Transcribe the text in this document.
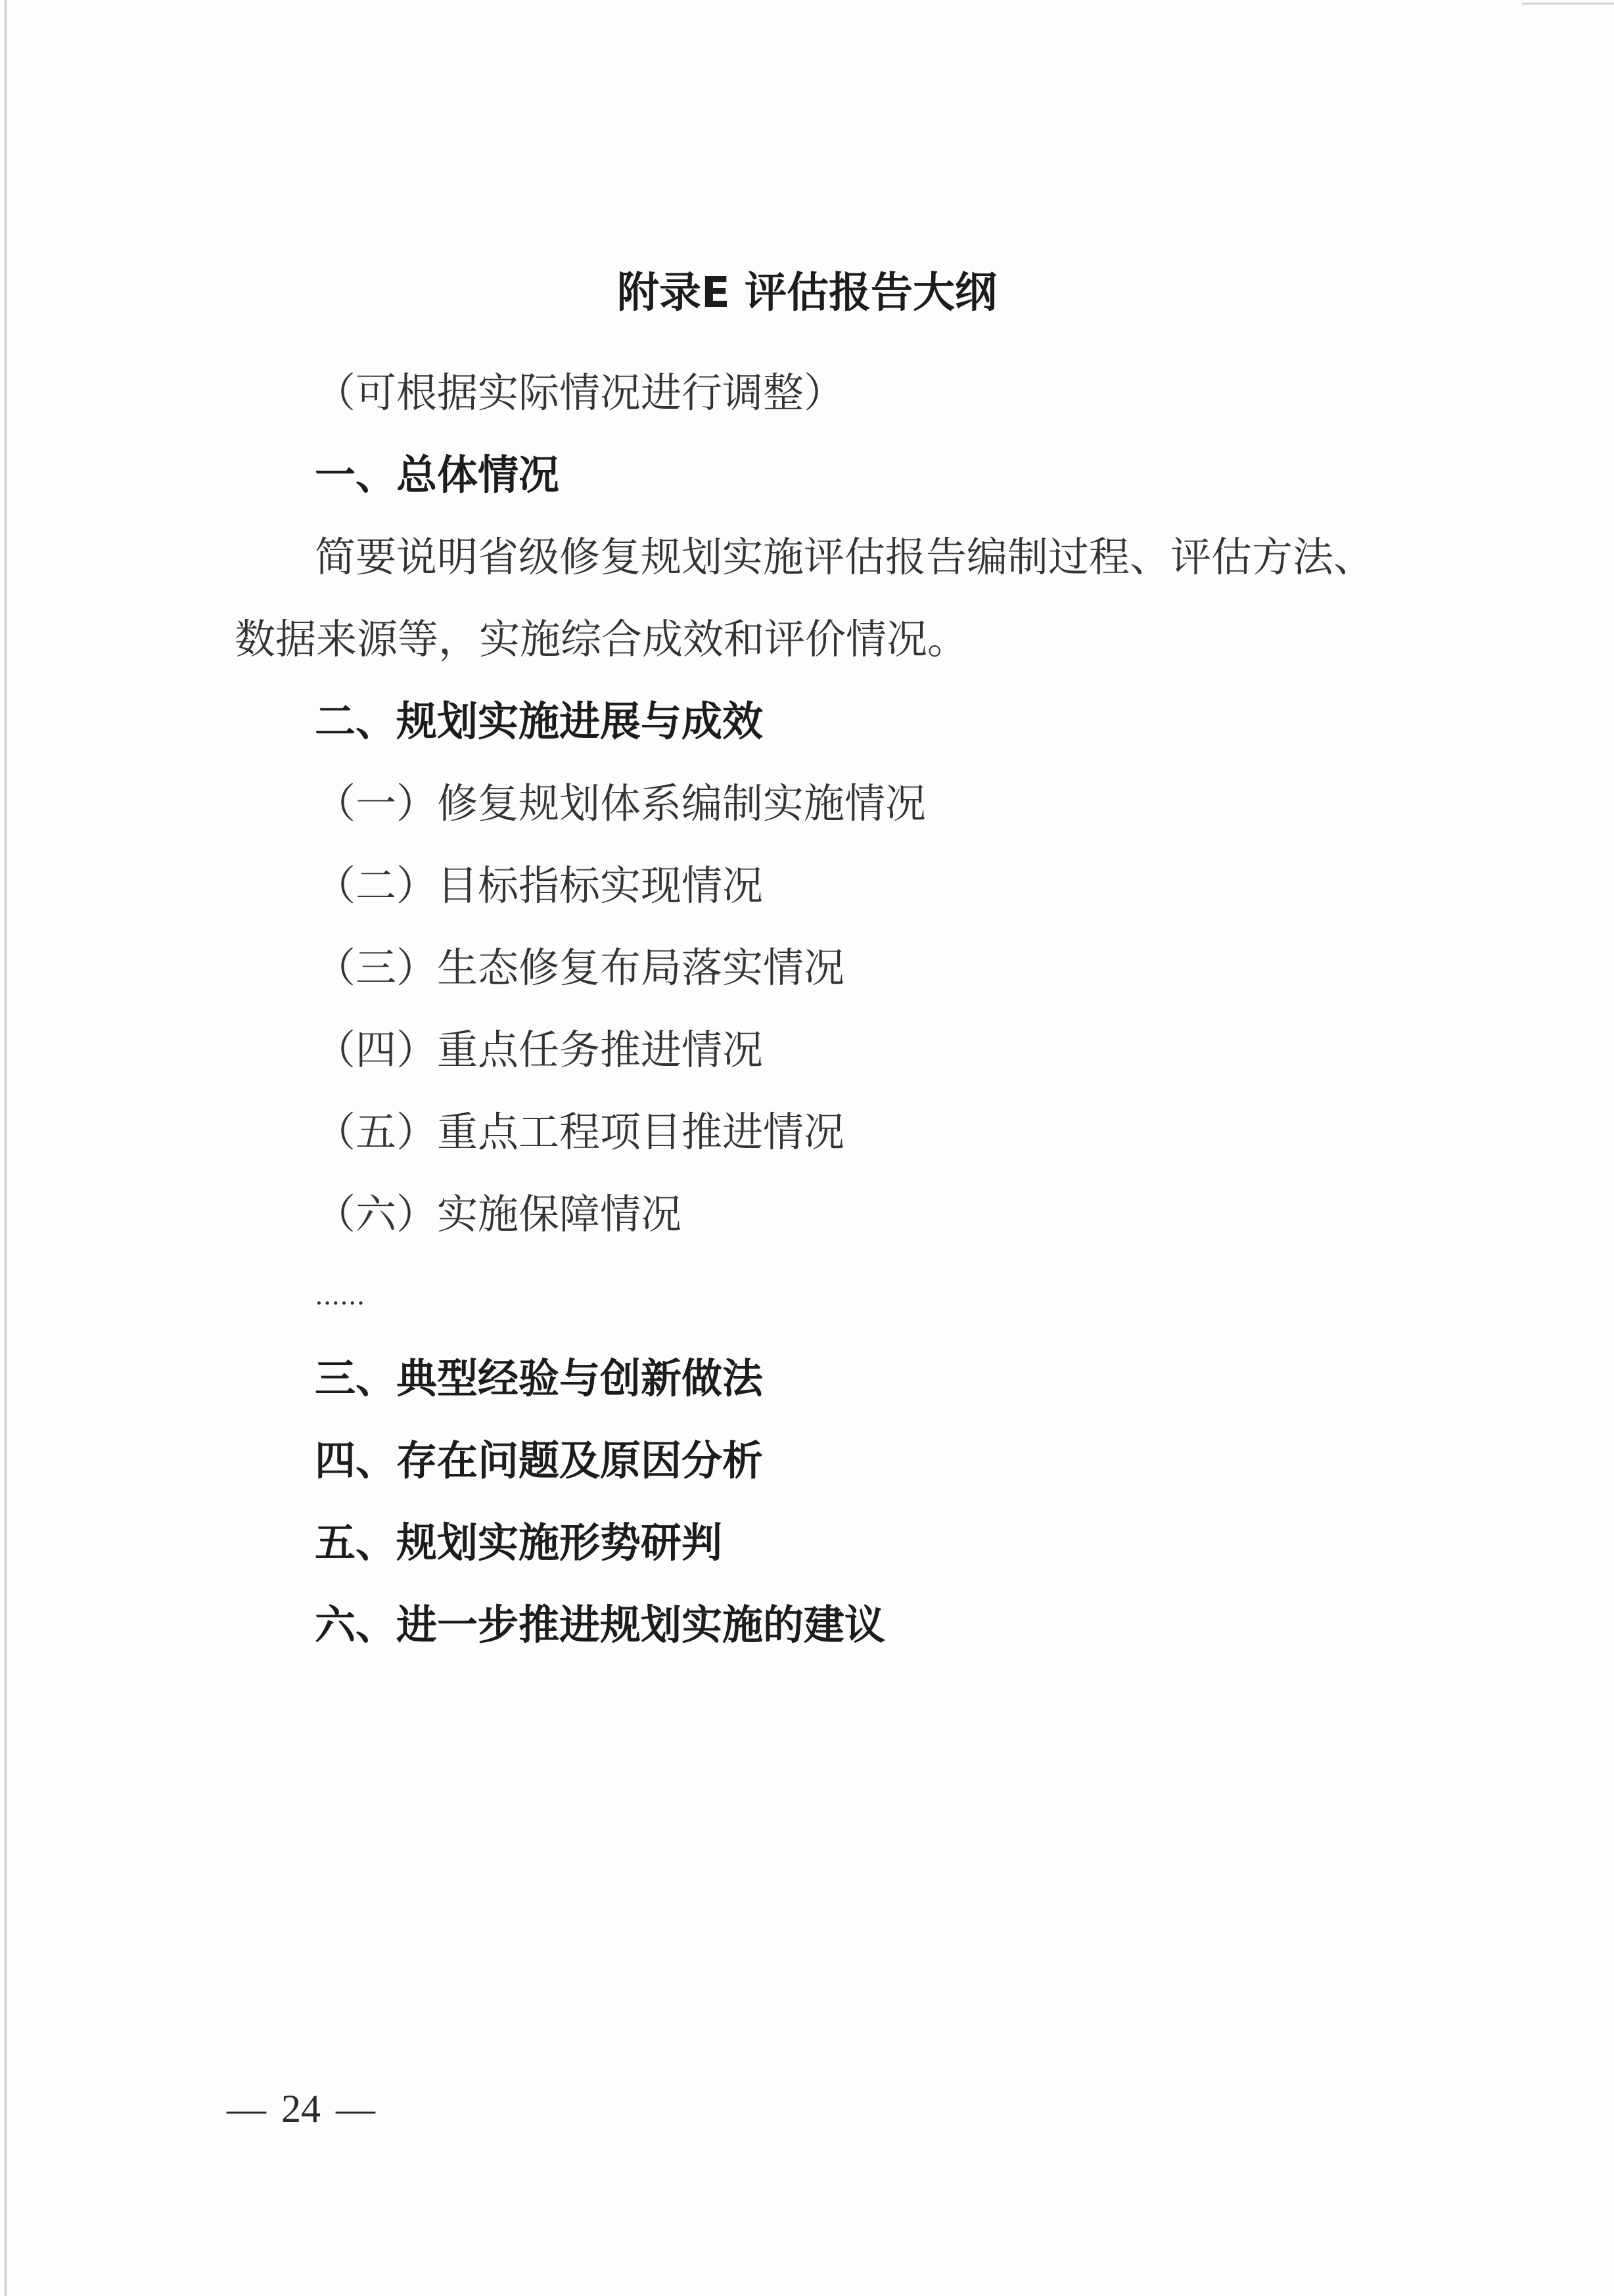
附录E 评估报告大纲
（可根据实际情况进行调整）
一、总体情况
简要说明省级修复规划实施评估报告编制过程、评估方法、数据来源等，实施综合成效和评价情况。
二、规划实施进展与成效
（一）修复规划体系编制实施情况
（二）目标指标实现情况
（三）生态修复布局落实情况
（四）重点任务推进情况
（五）重点工程项目推进情况
（六）实施保障情况
......
三、典型经验与创新做法
四、存在问题及原因分析
五、规划实施形势研判
六、进一步推进规划实施的建议
— 24 —
